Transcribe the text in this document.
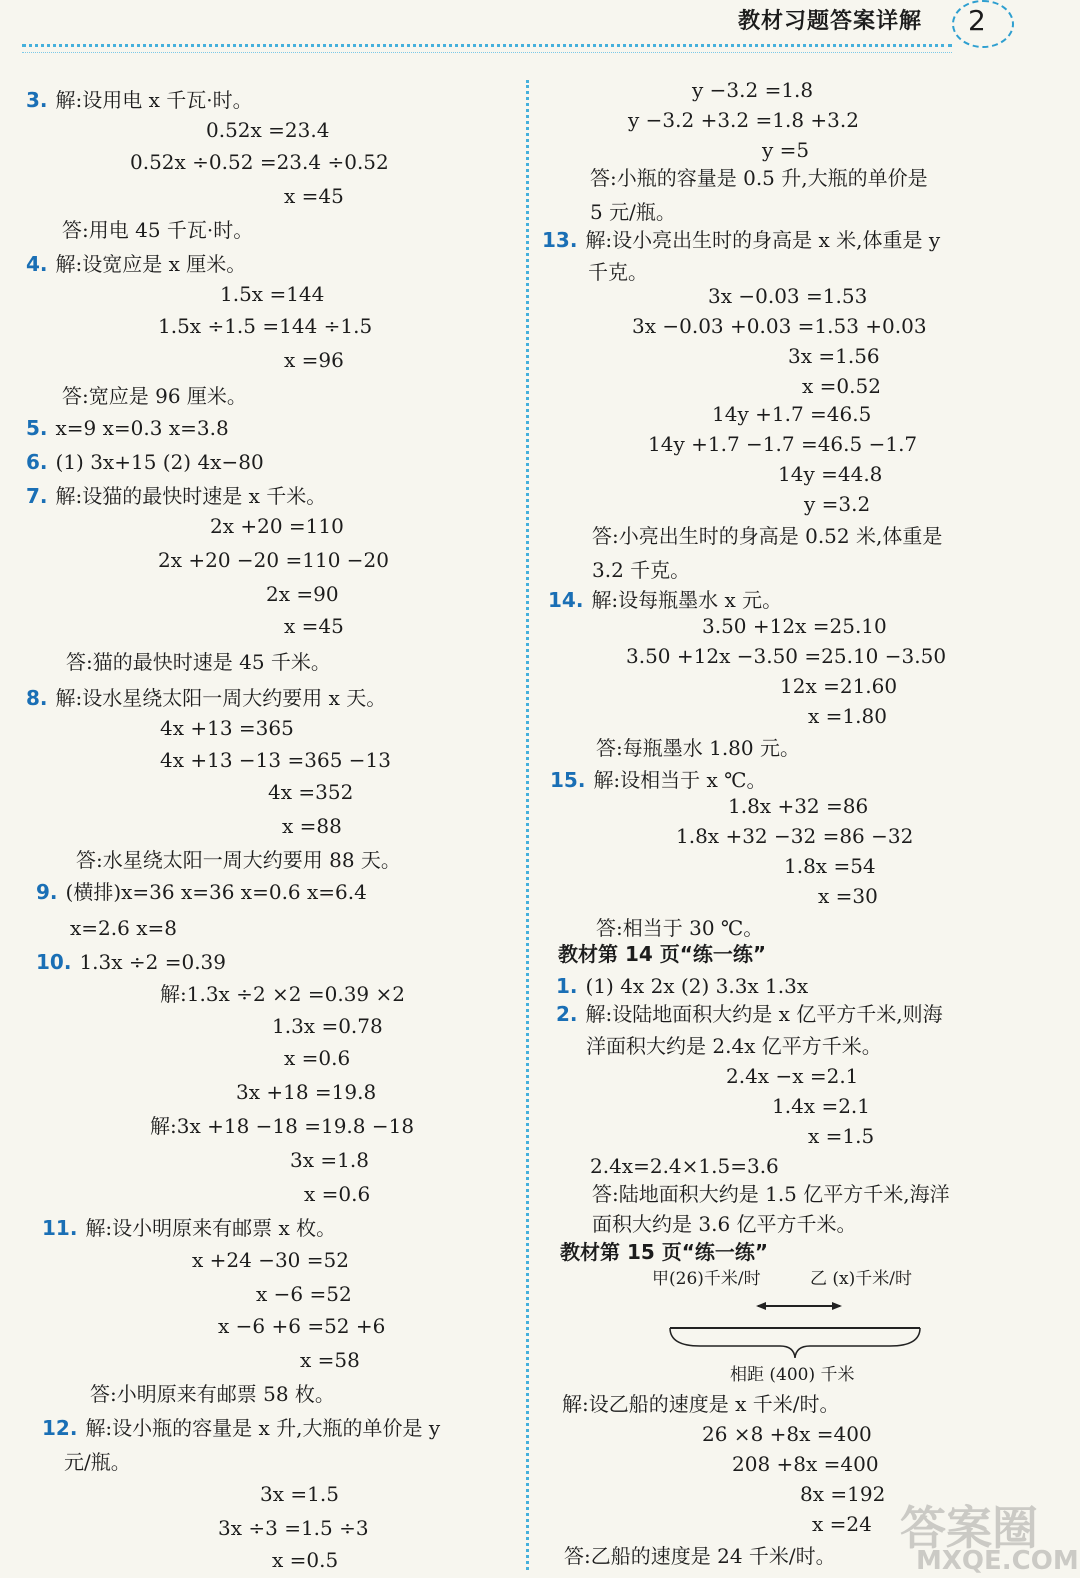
教材习题答案详解 2
3. 解:设用电 x 千瓦·时。
0.52x =23.4
0.52x ÷0.52 =23.4 ÷0.52
x =45
答:用电 45 千瓦·时。
4. 解:设宽应是 x 厘米。
1.5x =144
1.5x ÷1.5 =144 ÷1.5
x =96
答:宽应是 96 厘米。
5. x=9 x=0.3 x=3.8
6. (1) 3x+15 (2) 4x−80
7. 解:设猫的最快时速是 x 千米。
2x +20 =110
2x +20 −20 =110 −20
2x =90
x =45
答:猫的最快时速是 45 千米。
8. 解:设水星绕太阳一周大约要用 x 天。
4x +13 =365
4x +13 −13 =365 −13
4x =352
x =88
答:水星绕太阳一周大约要用 88 天。
9. (横排)x=36 x=36 x=0.6 x=6.4
x=2.6 x=8
10. 1.3x ÷2 =0.39
解:1.3x ÷2 ×2 =0.39 ×2
1.3x =0.78
x =0.6
3x +18 =19.8
解:3x +18 −18 =19.8 −18
3x =1.8
x =0.6
11. 解:设小明原来有邮票 x 枚。
x +24 −30 =52
x −6 =52
x −6 +6 =52 +6
x =58
答:小明原来有邮票 58 枚。
12. 解:设小瓶的容量是 x 升,大瓶的单价是 y
元/瓶。
3x =1.5
3x ÷3 =1.5 ÷3
x =0.5
y −3.2 =1.8
y −3.2 +3.2 =1.8 +3.2
y =5
答:小瓶的容量是 0.5 升,大瓶的单价是
5 元/瓶。
13. 解:设小亮出生时的身高是 x 米,体重是 y
千克。
3x −0.03 =1.53
3x −0.03 +0.03 =1.53 +0.03
3x =1.56
x =0.52
14y +1.7 =46.5
14y +1.7 −1.7 =46.5 −1.7
14y =44.8
y =3.2
答:小亮出生时的身高是 0.52 米,体重是
3.2 千克。
14. 解:设每瓶墨水 x 元。
3.50 +12x =25.10
3.50 +12x −3.50 =25.10 −3.50
12x =21.60
x =1.80
答:每瓶墨水 1.80 元。
15. 解:设相当于 x ℃。
1.8x +32 =86
1.8x +32 −32 =86 −32
1.8x =54
x =30
答:相当于 30 ℃。
教材第 14 页“练一练”
1. (1) 4x 2x (2) 3.3x 1.3x
2. 解:设陆地面积大约是 x 亿平方千米,则海
洋面积大约是 2.4x 亿平方千米。
2.4x −x =2.1
1.4x =2.1
x =1.5
2.4x=2.4×1.5=3.6
答:陆地面积大约是 1.5 亿平方千米,海洋
面积大约是 3.6 亿平方千米。
教材第 15 页“练一练”
解:设乙船的速度是 x 千米/时。
26 ×8 +8x =400
208 +8x =400
8x =192
x =24
答:乙船的速度是 24 千米/时。
甲(26)千米/时	乙 (x)千米/时
相距 (400) 千米
答案圈
MXQE.COM
